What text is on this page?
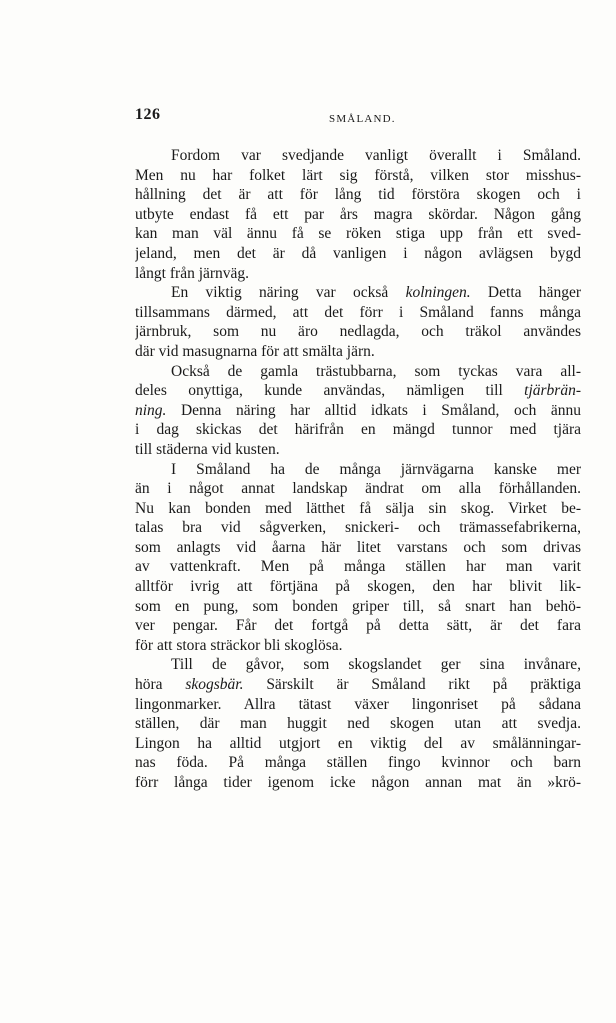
126	SMÅLAND.
Fordom var svedjande vanligt överallt i Småland.
Men nu har folket lärt sig förstå, vilken stor misshus-
hållning det är att för lång tid förstöra skogen och i
utbyte endast få ett par års magra skördar. Någon gång
kan man väl ännu få se röken stiga upp från ett sved-
jeland, men det är då vanligen i någon avlägsen bygd
långt från järnväg.
En viktig näring var också kolningen. Detta hänger
tillsammans därmed, att det förr i Småland fanns många
järnbruk, som nu äro nedlagda, och träkol användes
där vid masugnarna för att smälta järn.
Också de gamla trästubbarna, som tyckas vara all-
deles onyttiga, kunde användas, nämligen till tjärbrän-
ning. Denna näring har alltid idkats i Småland, och ännu
i dag skickas det härifrån en mängd tunnor med tjära
till städerna vid kusten.
I Småland ha de många järnvägarna kanske mer
än i något annat landskap ändrat om alla förhållanden.
Nu kan bonden med lätthet få sälja sin skog. Virket be-
talas bra vid sågverken, snickeri- och trämassefabrikerna,
som anlagts vid åarna här litet varstans och som drivas
av vattenkraft. Men på många ställen har man varit
alltför ivrig att förtjäna på skogen, den har blivit lik-
som en pung, som bonden griper till, så snart han behö-
ver pengar. Får det fortgå på detta sätt, är det fara
för att stora sträckor bli skoglösa.
Till de gåvor, som skogslandet ger sina invånare,
höra skogsbär. Särskilt är Småland rikt på präktiga
lingonmarker. Allra tätast växer lingonriset på sådana
ställen, där man huggit ned skogen utan att svedja.
Lingon ha alltid utgjort en viktig del av smålänningar-
nas föda. På många ställen fingo kvinnor och barn
förr långa tider igenom icke någon annan mat än »krö-
